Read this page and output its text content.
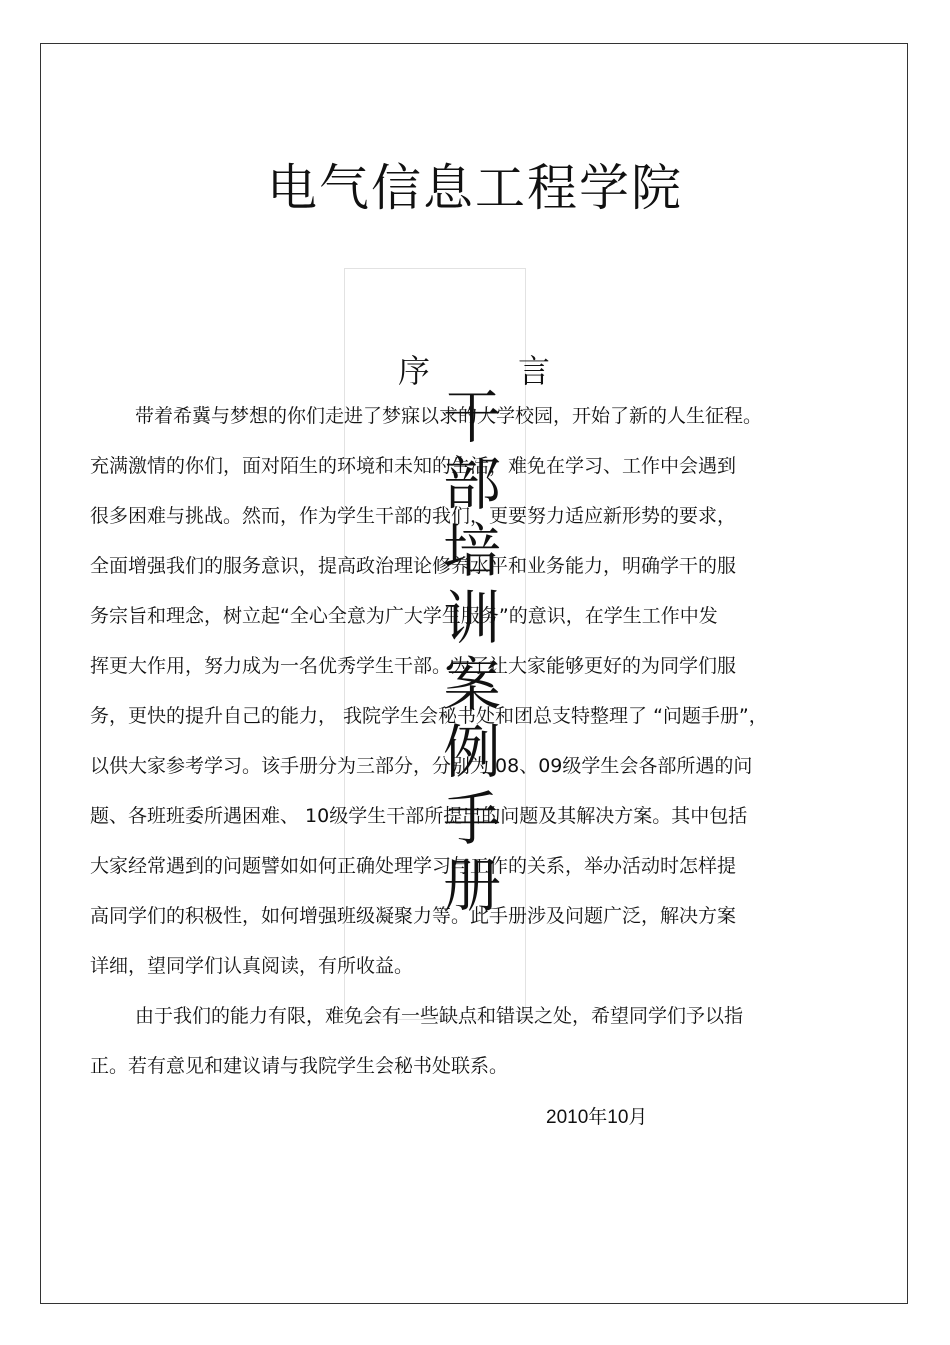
电气信息工程学院
干部培训案例手册
序	言
带着希冀与梦想的你们走进了梦寐以求的大学校园，开始了新的人生征程。
充满激情的你们，面对陌生的环境和未知的生活，难免在学习、工作中会遇到
很多困难与挑战。然而，作为学生干部的我们，更要努力适应新形势的要求，
全面增强我们的服务意识，提高政治理论修养水平和业务能力，明确学干的服
务宗旨和理念，树立起“全心全意为广大学生服务”的意识，在学生工作中发
挥更大作用，努力成为一名优秀学生干部。为了让大家能够更好的为同学们服
务，更快的提升自己的能力， 我院学生会秘书处和团总支特整理了 “问题手册”，
以供大家参考学习。该手册分为三部分，分别为 08、09级学生会各部所遇的问
题、各班班委所遇困难、 10级学生干部所提出的问题及其解决方案。其中包括
大家经常遇到的问题譬如如何正确处理学习与工作的关系，举办活动时怎样提
高同学们的积极性，如何增强班级凝聚力等。此手册涉及问题广泛，解决方案
详细，望同学们认真阅读，有所收益。
由于我们的能力有限，难免会有一些缺点和错误之处，希望同学们予以指
正。若有意见和建议请与我院学生会秘书处联系。
2010年10月
